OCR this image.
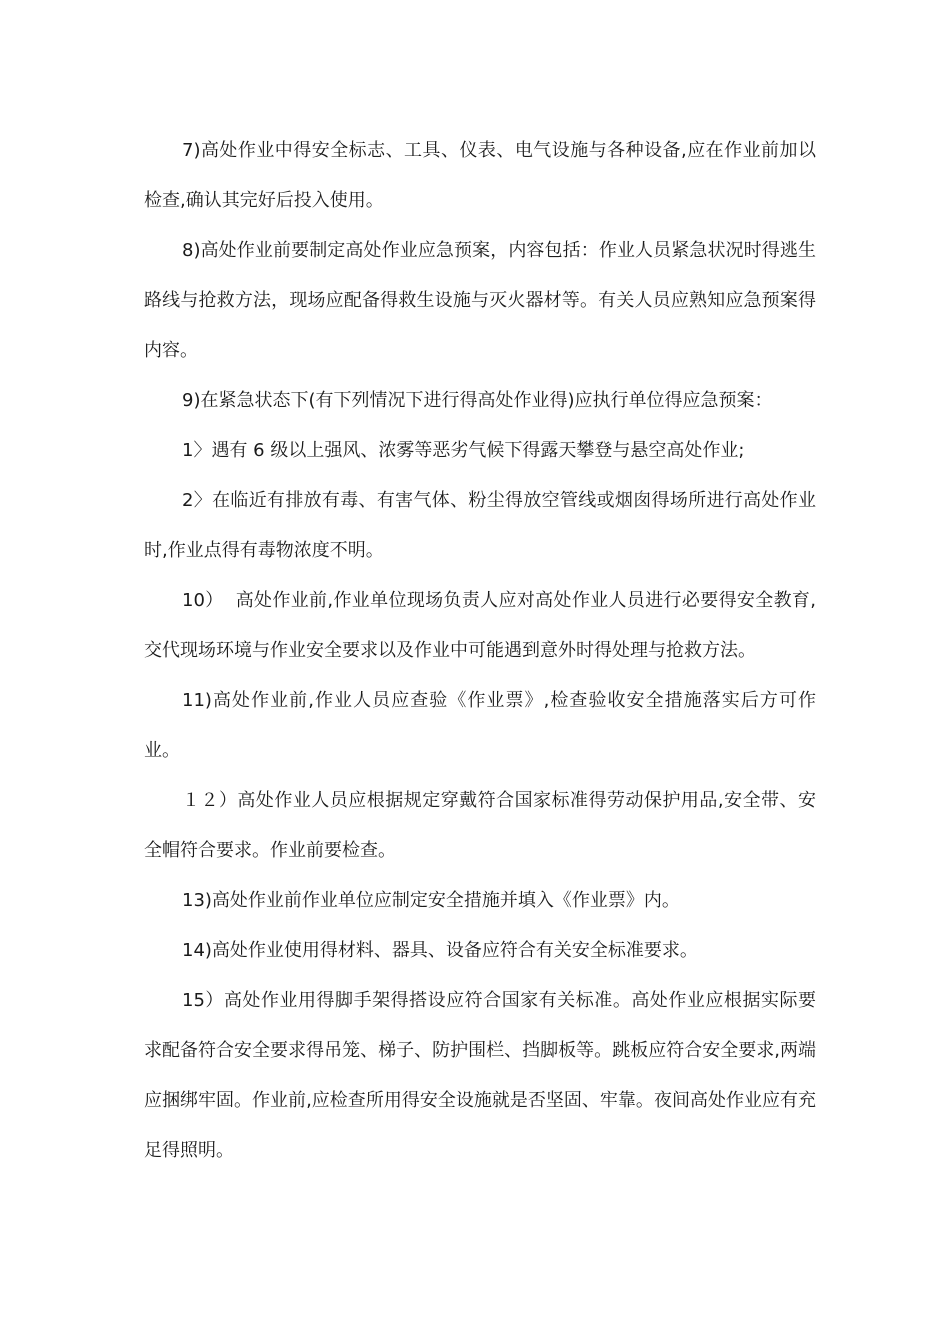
7)高处作业中得安全标志、工具、仪表、电气设施与各种设备,应在作业前加以检查,确认其完好后投入使用。

8)高处作业前要制定高处作业应急预案，内容包括：作业人员紧急状况时得逃生路线与抢救方法，现场应配备得救生设施与灭火器材等。有关人员应熟知应急预案得内容。

9)在紧急状态下(有下列情况下进行得高处作业得)应执行单位得应急预案：

1〉遇有 6 级以上强风、浓雾等恶劣气候下得露天攀登与悬空高处作业;

2〉在临近有排放有毒、有害气体、粉尘得放空管线或烟囱得场所进行高处作业时,作业点得有毒物浓度不明。

10）  高处作业前,作业单位现场负责人应对高处作业人员进行必要得安全教育,交代现场环境与作业安全要求以及作业中可能遇到意外时得处理与抢救方法。

11)高处作业前,作业人员应查验《作业票》,检查验收安全措施落实后方可作业。

１２）高处作业人员应根据规定穿戴符合国家标准得劳动保护用品,安全带、安全帽符合要求。作业前要检查。

13)高处作业前作业单位应制定安全措施并填入《作业票》内。

14)高处作业使用得材料、器具、设备应符合有关安全标准要求。

15）高处作业用得脚手架得搭设应符合国家有关标准。高处作业应根据实际要求配备符合安全要求得吊笼、梯子、防护围栏、挡脚板等。跳板应符合安全要求,两端应捆绑牢固。作业前,应检查所用得安全设施就是否坚固、牢靠。夜间高处作业应有充足得照明。
